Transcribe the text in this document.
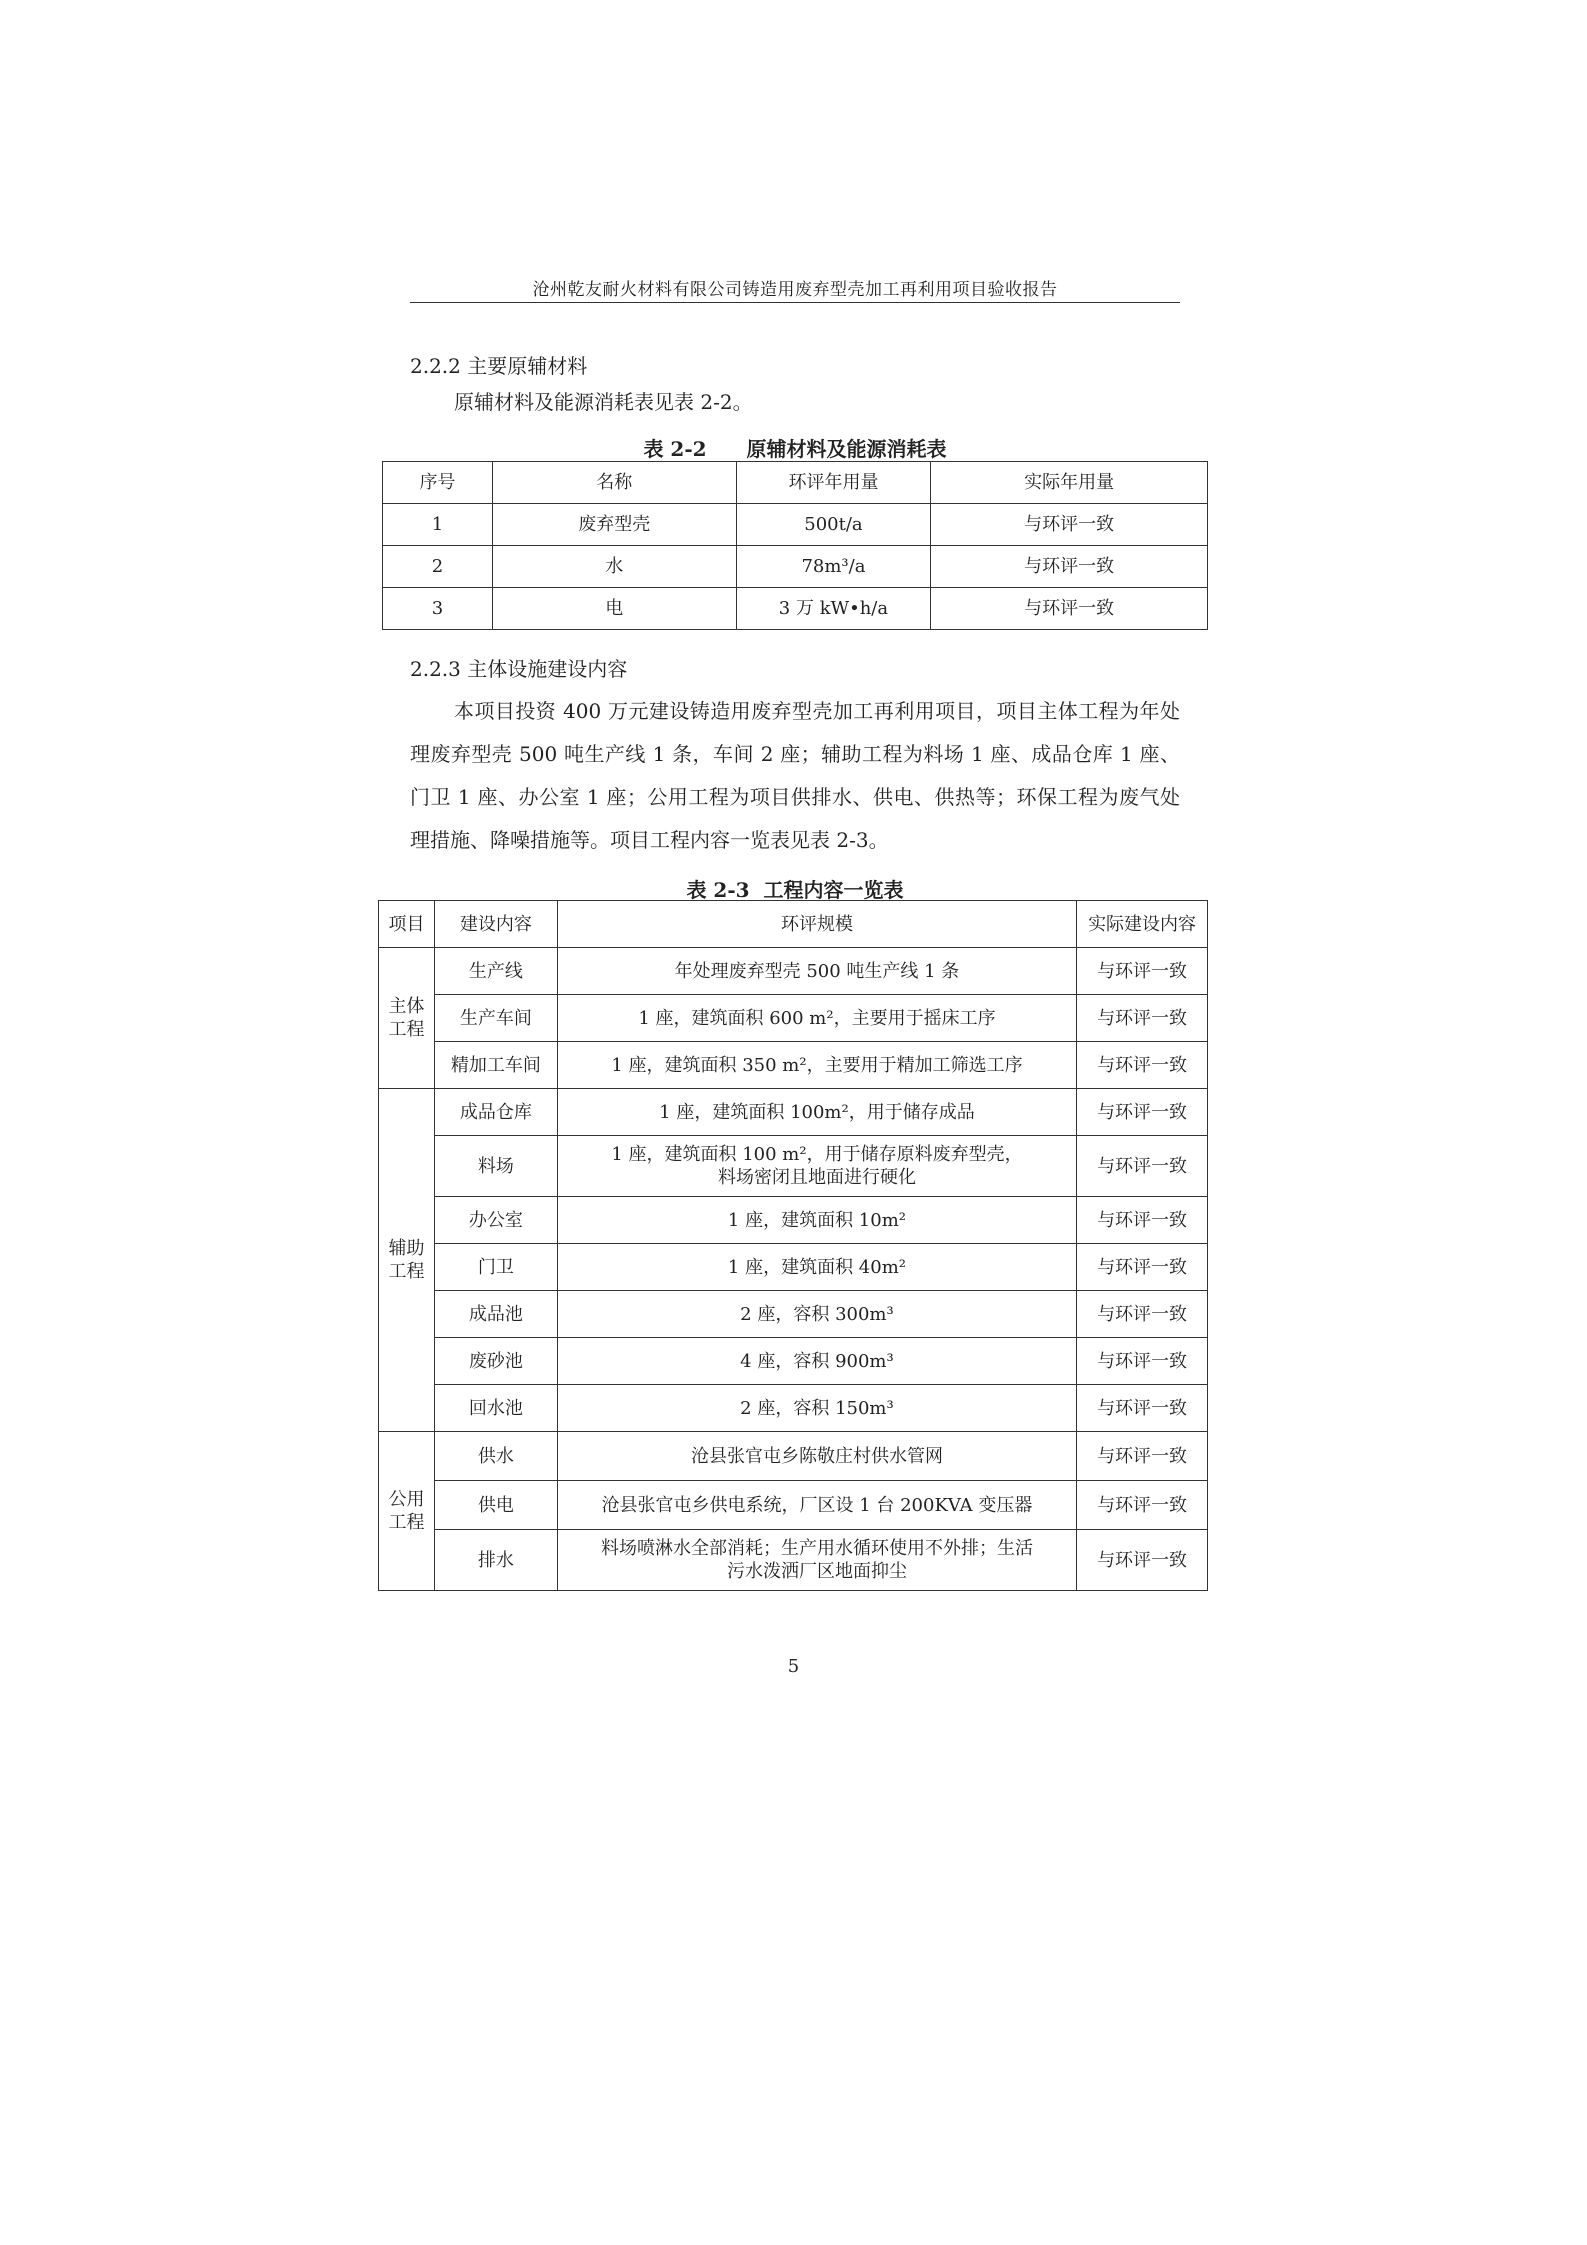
沧州乾友耐火材料有限公司铸造用废弃型壳加工再利用项目验收报告
2.2.2 主要原辅材料
原辅材料及能源消耗表见表 2-2。
表 2-2 原辅材料及能源消耗表
序号	名称	环评年用量	实际年用量
1	废弃型壳	500t/a	与环评一致
2	水	78m³/a	与环评一致
3	电	3 万 kW•h/a	与环评一致
2.2.3 主体设施建设内容
本项目投资 400 万元建设铸造用废弃型壳加工再利用项目，项目主体工程为年处理废弃型壳 500 吨生产线 1 条，车间 2 座；辅助工程为料场 1 座、成品仓库 1 座、门卫 1 座、办公室 1 座；公用工程为项目供排水、供电、供热等；环保工程为废气处理措施、降噪措施等。项目工程内容一览表见表 2-3。
表 2-3 工程内容一览表
项目	建设内容	环评规模	实际建设内容
主体工程	生产线	年处理废弃型壳 500 吨生产线 1 条	与环评一致
	生产车间	1 座，建筑面积 600 m²，主要用于摇床工序	与环评一致
	精加工车间	1 座，建筑面积 350 m²，主要用于精加工筛选工序	与环评一致
辅助工程	成品仓库	1 座，建筑面积 100m²，用于储存成品	与环评一致
	料场	1 座，建筑面积 100 m²，用于储存原料废弃型壳，料场密闭且地面进行硬化	与环评一致
	办公室	1 座，建筑面积 10m²	与环评一致
	门卫	1 座，建筑面积 40m²	与环评一致
	成品池	2 座，容积 300m³	与环评一致
	废砂池	4 座，容积 900m³	与环评一致
	回水池	2 座，容积 150m³	与环评一致
公用工程	供水	沧县张官屯乡陈敬庄村供水管网	与环评一致
	供电	沧县张官屯乡供电系统，厂区设 1 台 200KVA 变压器	与环评一致
	排水	料场喷淋水全部消耗；生产用水循环使用不外排；生活污水泼洒厂区地面抑尘	与环评一致
5
